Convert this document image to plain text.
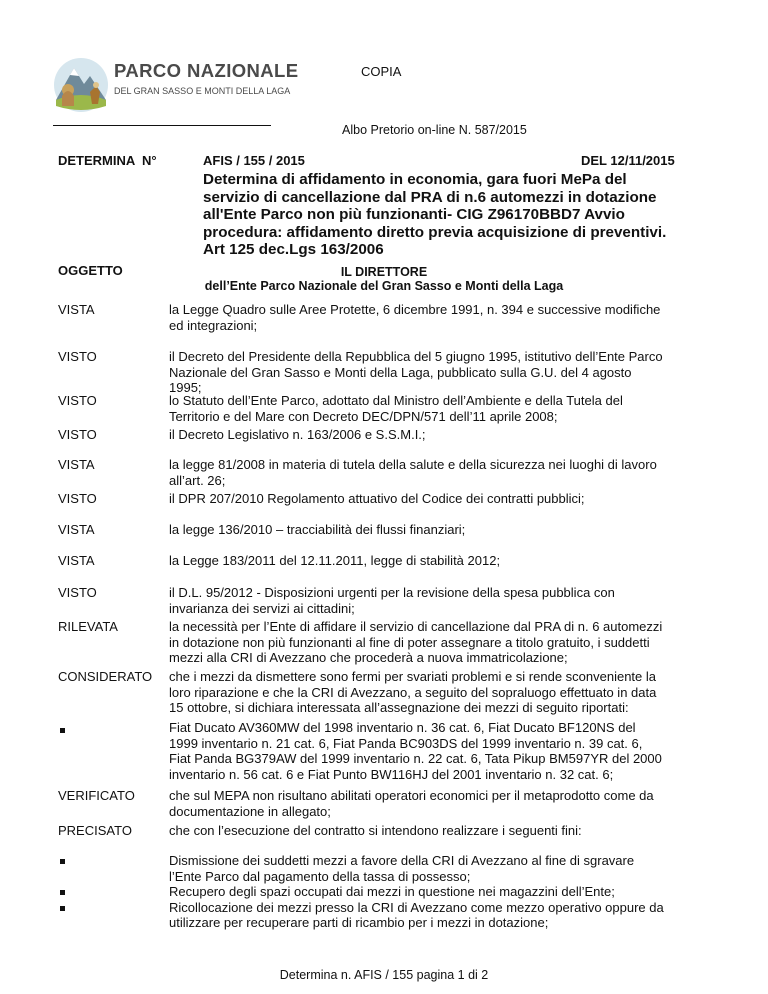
PARCO NAZIONALE
DEL GRAN SASSO E MONTI DELLA LAGA
COPIA
Albo Pretorio on-line N. 587/2015
DETERMINA  N°	AFIS / 155 / 2015	DEL 12/11/2015
Determina di affidamento in economia, gara fuori MePa del
servizio di cancellazione dal PRA di n.6 automezzi in dotazione
all'Ente Parco non più funzionanti- CIG Z96170BBD7 Avvio
procedura: affidamento diretto previa acquisizione di preventivi.
Art 125 dec.Lgs 163/2006
OGGETTO	IL DIRETTORE
dell’Ente Parco Nazionale del Gran Sasso e Monti della Laga
VISTA	la Legge Quadro sulle Aree Protette, 6 dicembre 1991, n. 394 e successive modifiche
ed integrazioni;
VISTO	il Decreto del Presidente della Repubblica del 5 giugno 1995, istitutivo dell’Ente Parco
Nazionale del Gran Sasso e Monti della Laga, pubblicato sulla G.U. del 4 agosto
1995;
VISTO	lo Statuto dell’Ente Parco, adottato dal Ministro dell’Ambiente e della Tutela del
Territorio e del Mare con Decreto DEC/DPN/571 dell’11 aprile 2008;
VISTO	il Decreto Legislativo n. 163/2006 e S.S.M.I.;
VISTA	la legge 81/2008 in materia di tutela della salute e della sicurezza nei luoghi di lavoro
all’art. 26;
VISTO	il DPR 207/2010 Regolamento attuativo del Codice dei contratti pubblici;
VISTA	la legge 136/2010 – tracciabilità dei flussi finanziari;
VISTA	la Legge 183/2011 del 12.11.2011, legge di stabilità 2012;
VISTO	il D.L. 95/2012 - Disposizioni urgenti per la revisione della spesa pubblica con
invarianza dei servizi ai cittadini;
RILEVATA	la necessità per l’Ente di affidare il servizio di cancellazione dal PRA di n. 6 automezzi
in dotazione non più funzionanti al fine di poter assegnare a titolo gratuito, i suddetti
mezzi alla CRI di Avezzano che procederà a nuova immatricolazione;
CONSIDERATO che i mezzi da dismettere sono fermi per svariati problemi e si rende sconveniente la
loro riparazione e che la CRI di Avezzano, a seguito del sopraluogo effettuato in data
15 ottobre, si dichiara interessata all’assegnazione dei mezzi di seguito riportati:
Fiat Ducato AV360MW del 1998 inventario n. 36 cat. 6, Fiat Ducato BF120NS del
1999 inventario n. 21 cat. 6, Fiat Panda BC903DS del 1999 inventario n. 39 cat. 6,
Fiat Panda BG379AW del 1999 inventario n. 22 cat. 6, Tata Pikup BM597YR del 2000
inventario n. 56 cat. 6 e Fiat Punto BW116HJ del 2001 inventario n. 32 cat. 6;
VERIFICATO	che sul MEPA non risultano abilitati operatori economici per il metaprodotto come da
documentazione in allegato;
PRECISATO	che con l’esecuzione del contratto si intendono realizzare i seguenti fini:
Dismissione dei suddetti mezzi a favore della CRI di Avezzano al fine di sgravare
l’Ente Parco dal pagamento della tassa di possesso;
Recupero degli spazi occupati dai mezzi in questione nei magazzini dell’Ente;
Ricollocazione dei mezzi presso la CRI di Avezzano come mezzo operativo oppure da
utilizzare per recuperare parti di ricambio per i mezzi in dotazione;
Determina n. AFIS / 155 pagina 1 di 2
